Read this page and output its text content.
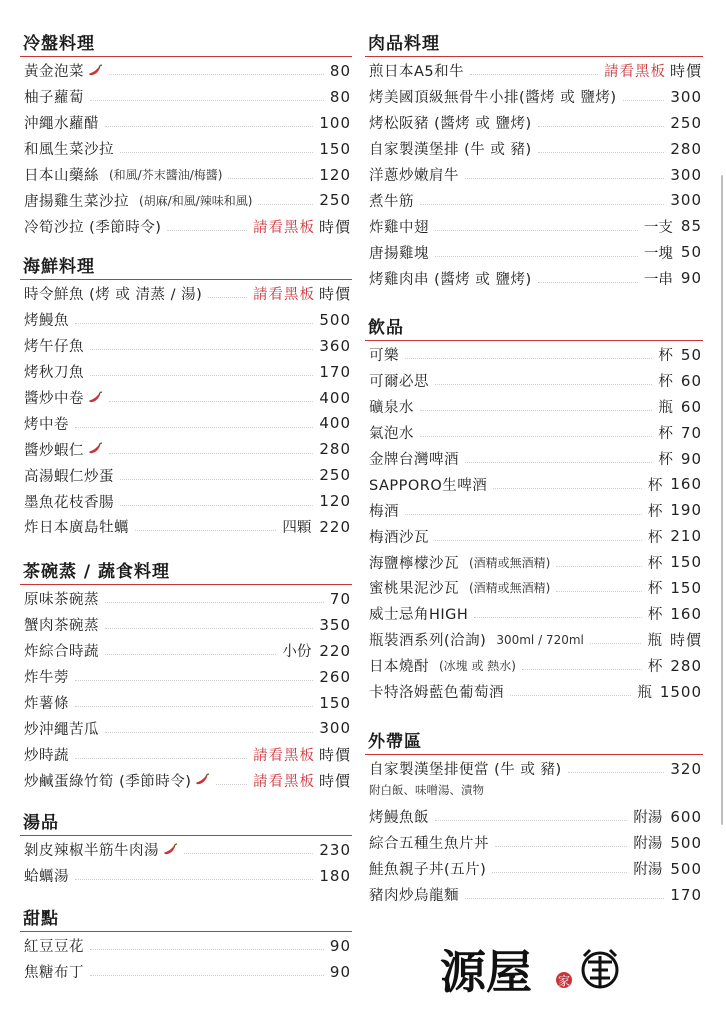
冷盤料理
黃金泡菜	80
柚子蘿蔔	80
沖繩水蘿醋	100
和風生菜沙拉	150
日本山藥絲 (和風/芥末醬油/梅醬)	120
唐揚雞生菜沙拉 (胡麻/和風/辣味和風)	250
冷筍沙拉 (季節時令)	請看黑板 時價
海鮮料理
時令鮮魚 (烤 或 清蒸 / 湯)	請看黑板 時價
烤鰻魚	500
烤午仔魚	360
烤秋刀魚	170
醬炒中卷	400
烤中卷	400
醬炒蝦仁	280
高湯蝦仁炒蛋	250
墨魚花枝香腸	120
炸日本廣島牡蠣	四顆 220
茶碗蒸 / 蔬食料理
原味茶碗蒸	70
蟹肉茶碗蒸	350
炸綜合時蔬	小份 220
炸牛蒡	260
炸薯條	150
炒沖繩苦瓜	300
炒時蔬	請看黑板 時價
炒鹹蛋綠竹筍 (季節時令)	請看黑板 時價
湯品
剝皮辣椒半筋牛肉湯	230
蛤蠣湯	180
甜點
紅豆豆花	90
焦糖布丁	90
肉品料理
煎日本A5和牛	請看黑板 時價
烤美國頂級無骨牛小排(醬烤 或 鹽烤)	300
烤松阪豬 (醬烤 或 鹽烤)	250
自家製漢堡排 (牛 或 豬)	280
洋蔥炒嫩肩牛	300
煮牛筋	300
炸雞中翅	一支 85
唐揚雞塊	一塊 50
烤雞肉串 (醬烤 或 鹽烤)	一串 90
飲品
可樂	杯 50
可爾必思	杯 60
礦泉水	瓶 60
氣泡水	杯 70
金牌台灣啤酒	杯 90
SAPPORO生啤酒	杯 160
梅酒	杯 190
梅酒沙瓦	杯 210
海鹽檸檬沙瓦 (酒精或無酒精)	杯 150
蜜桃果泥沙瓦 (酒精或無酒精)	杯 150
威士忌角HIGH	杯 160
瓶裝酒系列(洽詢) 300ml / 720ml	瓶 時價
日本燒酎 (冰塊 或 熱水)	杯 280
卡特洛姆藍色葡萄酒	瓶 1500
外帶區
自家製漢堡排便當 (牛 或 豬)	320
附白飯、味噌湯、漬物
烤鰻魚飯	附湯 600
綜合五種生魚片丼	附湯 500
鮭魚親子丼(五片)	附湯 500
豬肉炒烏龍麵	170
源屋 家
